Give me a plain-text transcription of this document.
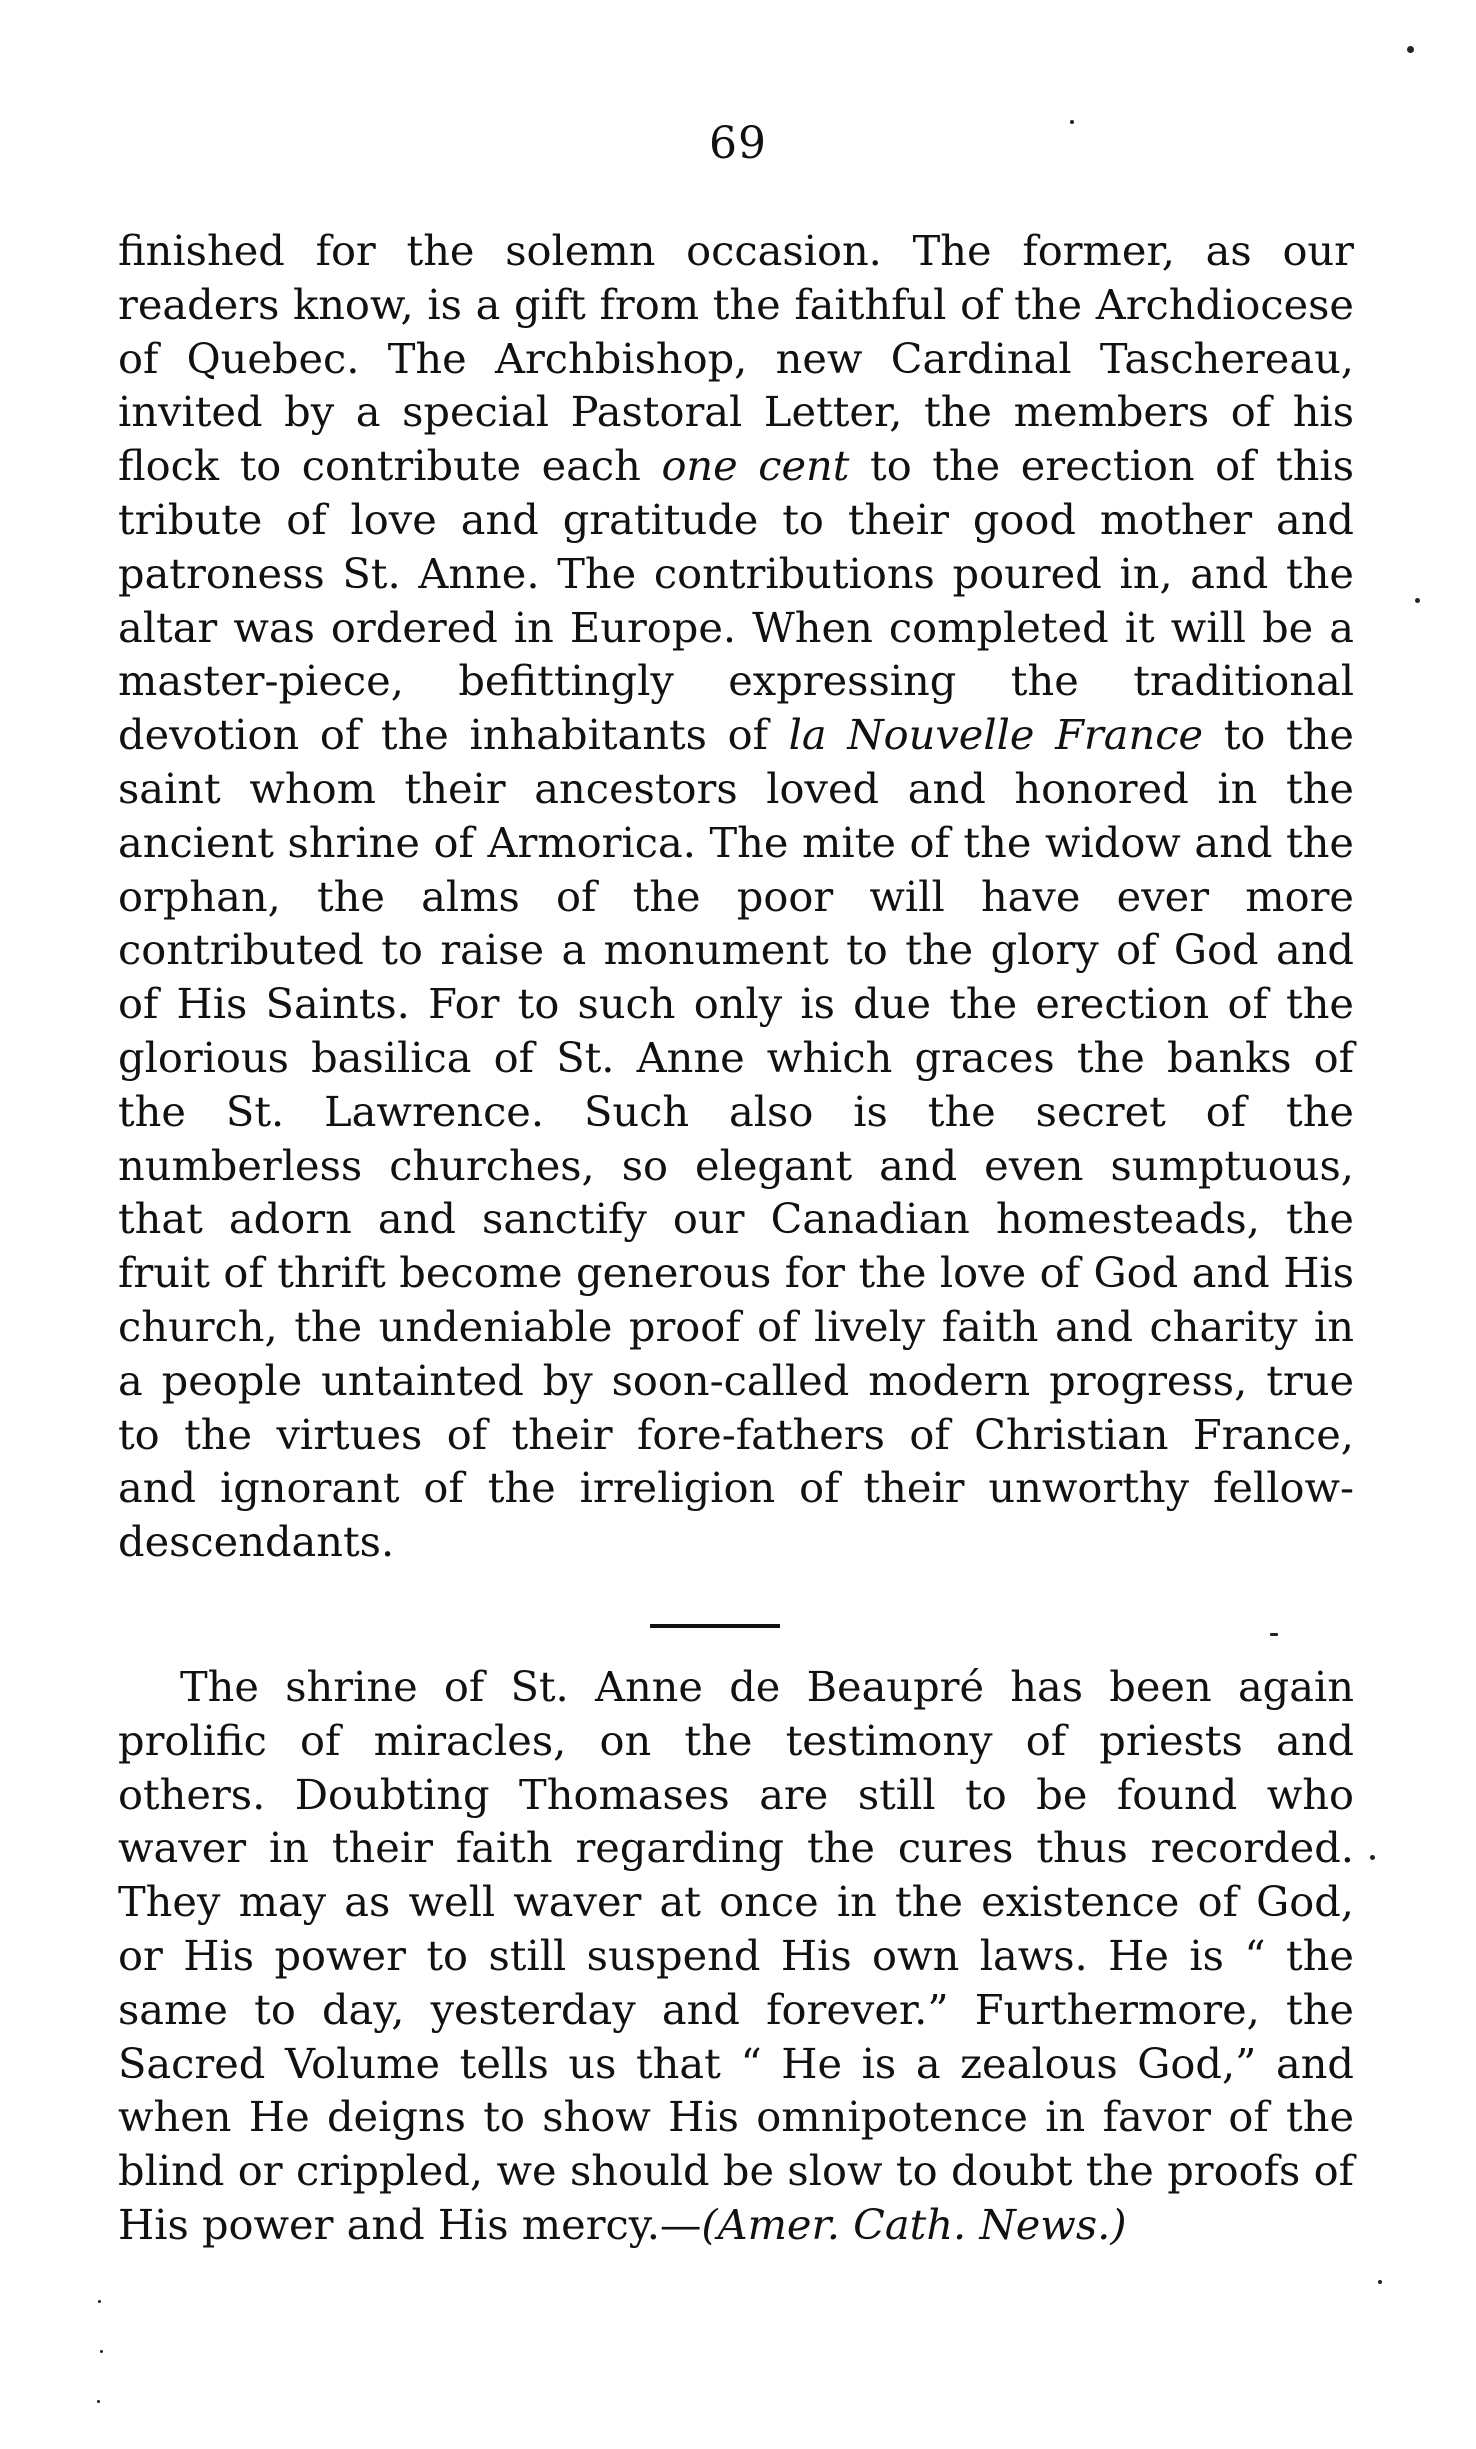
69

finished for the solemn occasion. The former, as our readers know, is a gift from the faithful of the Archdiocese of Quebec. The Archbishop, new Cardinal Taschereau, invited by a special Pastoral Letter, the members of his flock to contribute each one cent to the erection of this tribute of love and gratitude to their good mother and patroness St. Anne. The contributions poured in, and the altar was ordered in Europe. When completed it will be a master-piece, befittingly expressing the traditional devotion of the inhabitants of la Nouvelle France to the saint whom their ancestors loved and honored in the ancient shrine of Armorica. The mite of the widow and the orphan, the alms of the poor will have ever more contributed to raise a monument to the glory of God and of His Saints. For to such only is due the erection of the glorious basilica of St. Anne which graces the banks of the St. Lawrence. Such also is the secret of the numberless churches, so elegant and even sumptuous, that adorn and sanctify our Canadian homesteads, the fruit of thrift become generous for the love of God and His church, the undeniable proof of lively faith and charity in a people untainted by soon-called modern progress, true to the virtues of their fore-fathers of Christian France, and ignorant of the irreligion of their unworthy fellow-descendants.

The shrine of St. Anne de Beaupré has been again prolific of miracles, on the testimony of priests and others. Doubting Thomases are still to be found who waver in their faith regarding the cures thus recorded. They may as well waver at once in the existence of God, or His power to still suspend His own laws. He is “ the same to day, yesterday and forever.” Furthermore, the Sacred Volume tells us that “ He is a zealous God,” and when He deigns to show His omnipotence in favor of the blind or crippled, we should be slow to doubt the proofs of His power and His mercy.—(Amer. Cath. News.)
